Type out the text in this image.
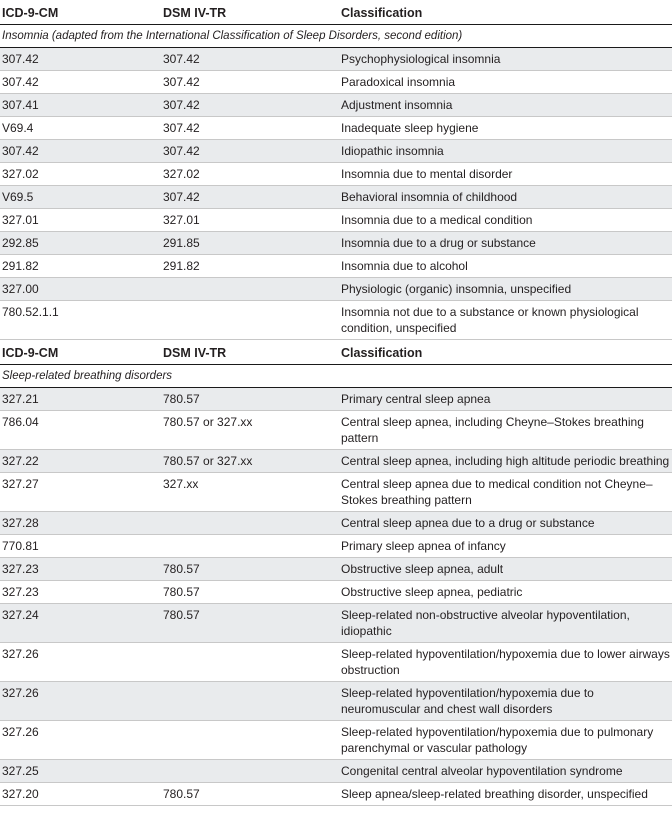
ICD-9-CM	DSM IV-TR	Classification
Insomnia (adapted from the International Classification of Sleep Disorders, second edition)		
307.42	307.42	Psychophysiological insomnia
307.42	307.42	Paradoxical insomnia
307.41	307.42	Adjustment insomnia
V69.4	307.42	Inadequate sleep hygiene
307.42	307.42	Idiopathic insomnia
327.02	327.02	Insomnia due to mental disorder
V69.5	307.42	Behavioral insomnia of childhood
327.01	327.01	Insomnia due to a medical condition
292.85	291.85	Insomnia due to a drug or substance
291.82	291.82	Insomnia due to alcohol
327.00		Physiologic (organic) insomnia, unspecified
780.52.1.1		Insomnia not due to a substance or known physiological condition, unspecified
ICD-9-CM	DSM IV-TR	Classification
Sleep-related breathing disorders		
327.21	780.57	Primary central sleep apnea
786.04	780.57 or 327.xx	Central sleep apnea, including Cheyne–Stokes breathing pattern
327.22	780.57 or 327.xx	Central sleep apnea, including high altitude periodic breathing
327.27	327.xx	Central sleep apnea due to medical condition not Cheyne–Stokes breathing pattern
327.28		Central sleep apnea due to a drug or substance
770.81		Primary sleep apnea of infancy
327.23	780.57	Obstructive sleep apnea, adult
327.23	780.57	Obstructive sleep apnea, pediatric
327.24	780.57	Sleep-related non-obstructive alveolar hypoventilation, idiopathic
327.26		Sleep-related hypoventilation/hypoxemia due to lower airways obstruction
327.26		Sleep-related hypoventilation/hypoxemia due to neuromuscular and chest wall disorders
327.26		Sleep-related hypoventilation/hypoxemia due to pulmonary parenchymal or vascular pathology
327.25		Congenital central alveolar hypoventilation syndrome
327.20	780.57	Sleep apnea/sleep-related breathing disorder, unspecified
